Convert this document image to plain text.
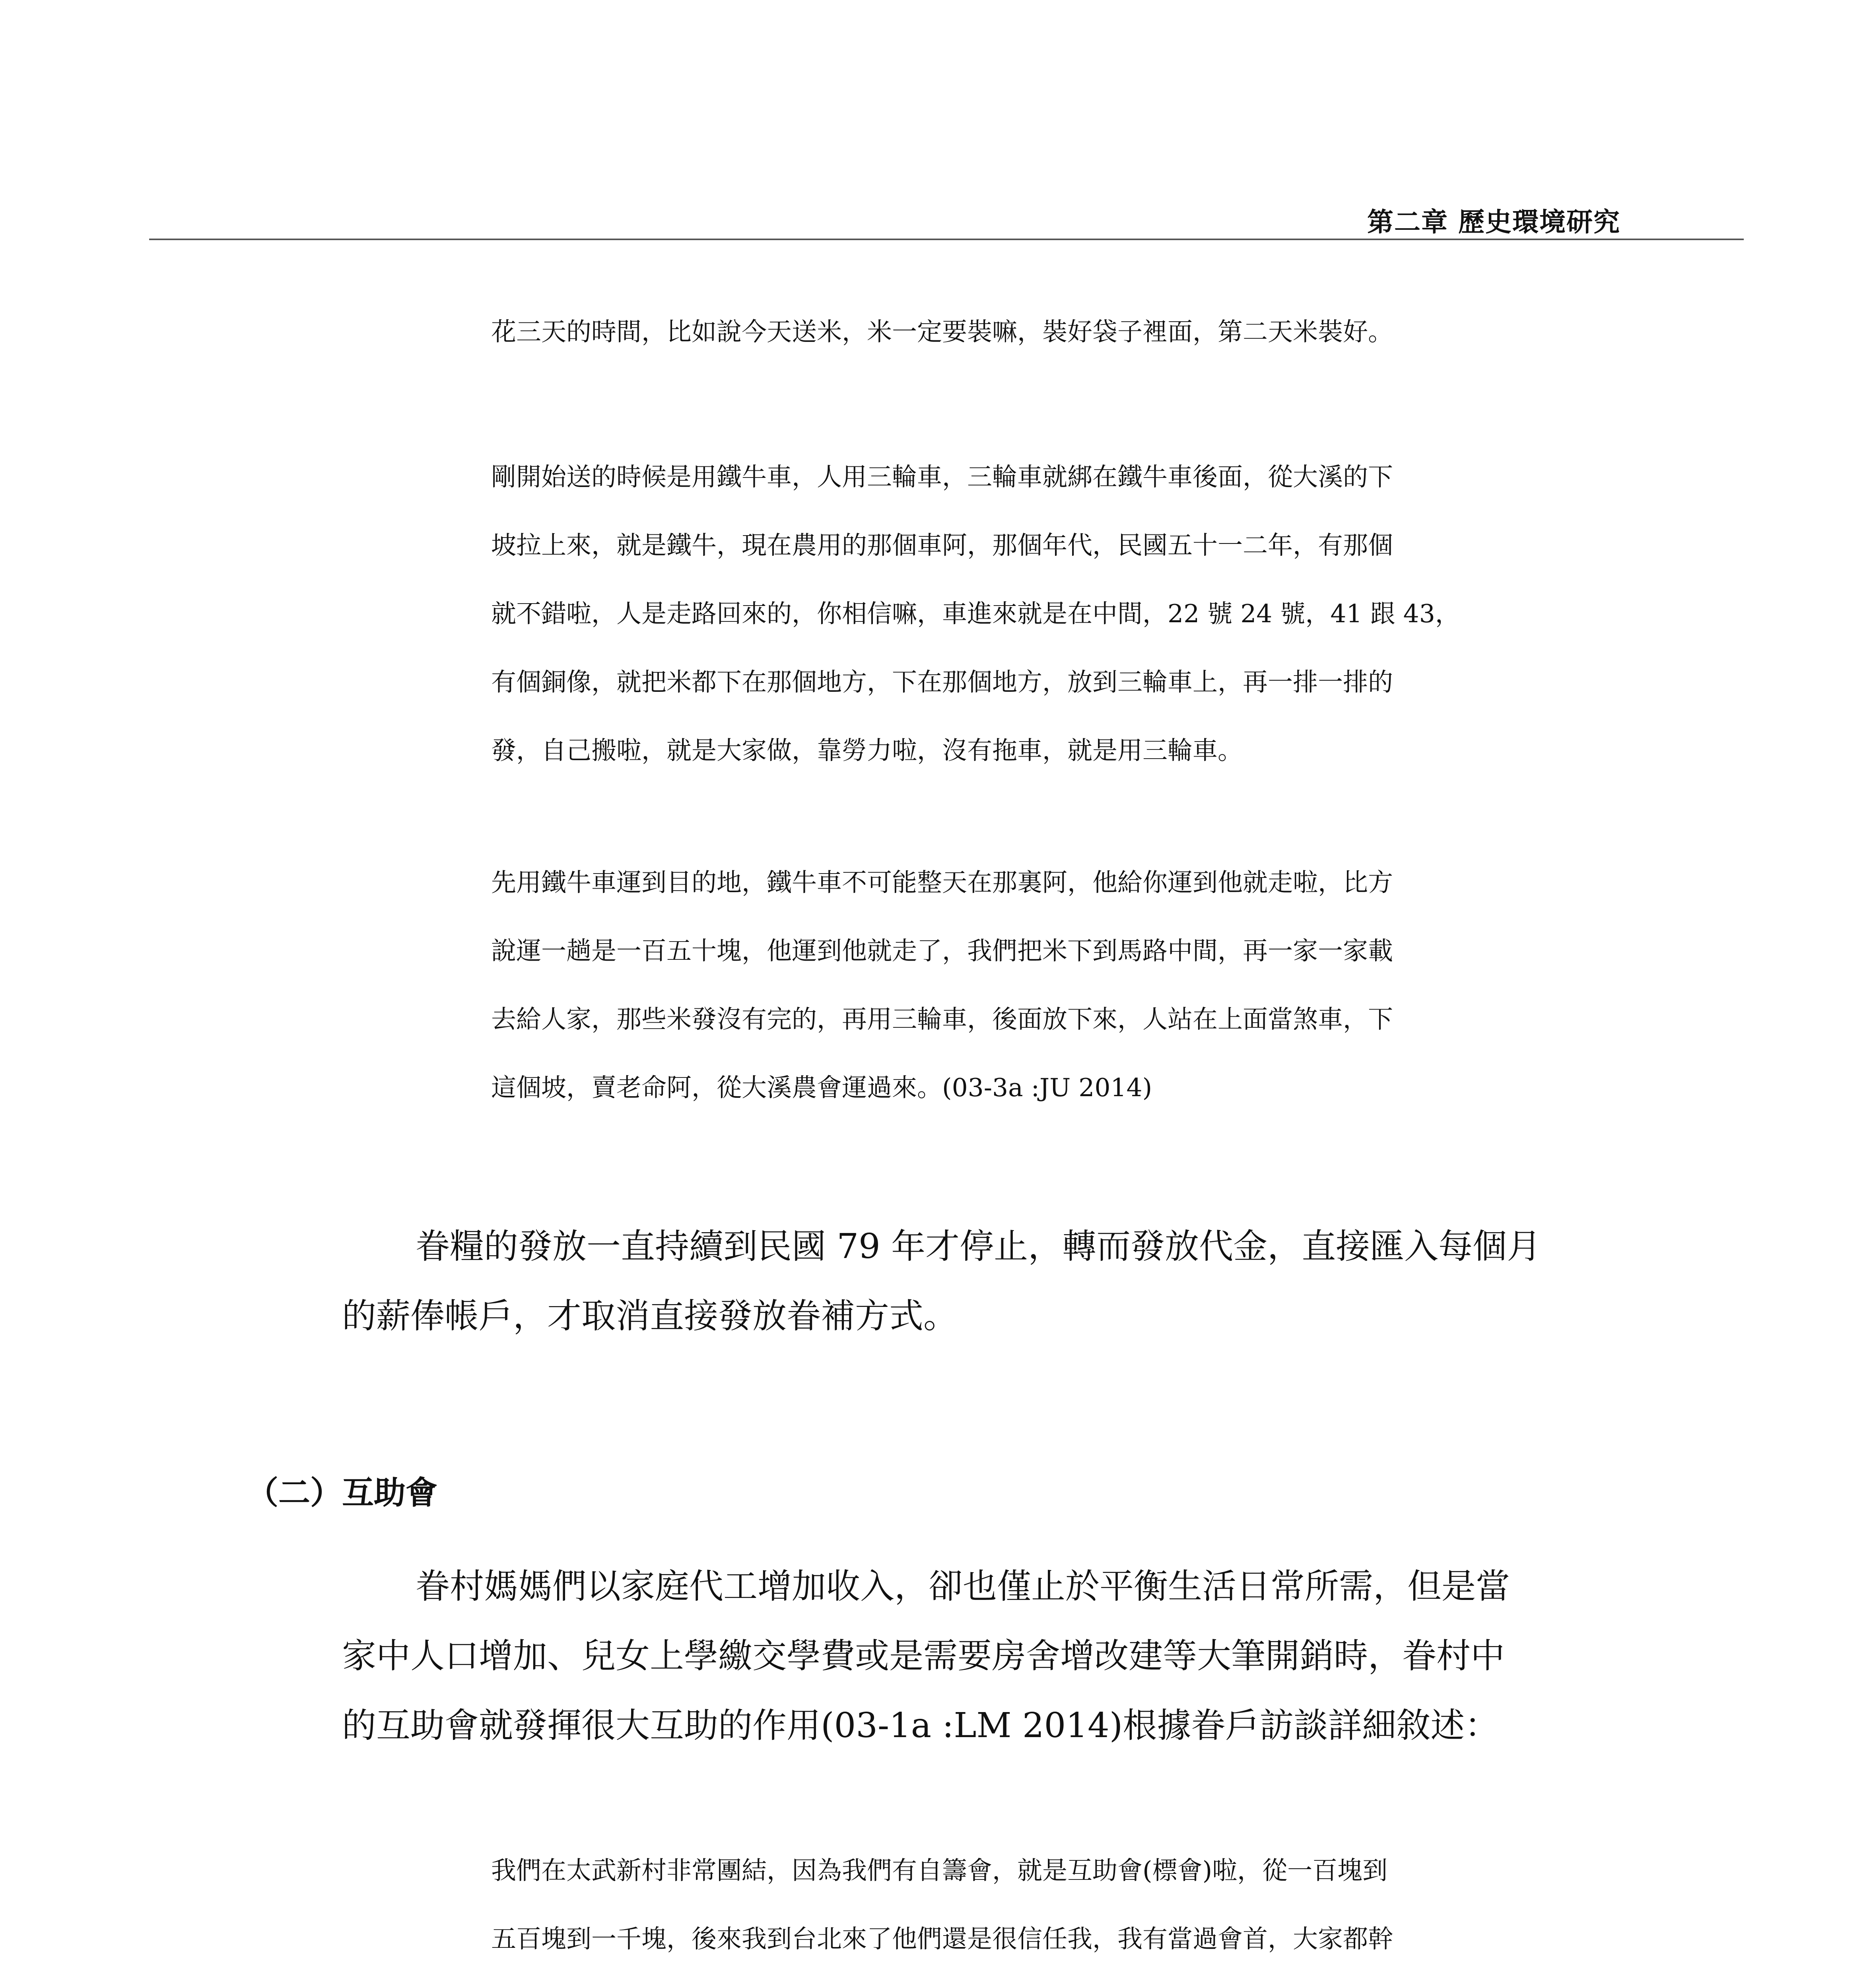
第二章 歷史環境研究
花三天的時間，比如說今天送米，米一定要裝嘛，裝好袋子裡面，第二天米裝好。
剛開始送的時候是用鐵牛車，人用三輪車，三輪車就綁在鐵牛車後面，從大溪的下
坡拉上來，就是鐵牛，現在農用的那個車阿，那個年代，民國五十一二年，有那個
就不錯啦，人是走路回來的，你相信嘛，車進來就是在中間，22 號 24 號，41 跟 43，
有個銅像，就把米都下在那個地方，下在那個地方，放到三輪車上，再一排一排的
發，自己搬啦，就是大家做，靠勞力啦，沒有拖車，就是用三輪車。
先用鐵牛車運到目的地，鐵牛車不可能整天在那裏阿，他給你運到他就走啦，比方
說運一趟是一百五十塊，他運到他就走了，我們把米下到馬路中間，再一家一家載
去給人家，那些米發沒有完的，再用三輪車，後面放下來，人站在上面當煞車，下
這個坡，賣老命阿，從大溪農會運過來。(03-3a :JU 2014)
眷糧的發放一直持續到民國 79 年才停止，轉而發放代金，直接匯入每個月
的薪俸帳戶，才取消直接發放眷補方式。
（二）互助會
眷村媽媽們以家庭代工增加收入，卻也僅止於平衡生活日常所需，但是當
家中人口增加、兒女上學繳交學費或是需要房舍增改建等大筆開銷時，眷村中
的互助會就發揮很大互助的作用(03-1a :LM 2014)根據眷戶訪談詳細敘述：
我們在太武新村非常團結，因為我們有自籌會，就是互助會(標會)啦，從一百塊到
五百塊到一千塊，後來我到台北來了他們還是很信任我，我有當過會首，大家都幹
